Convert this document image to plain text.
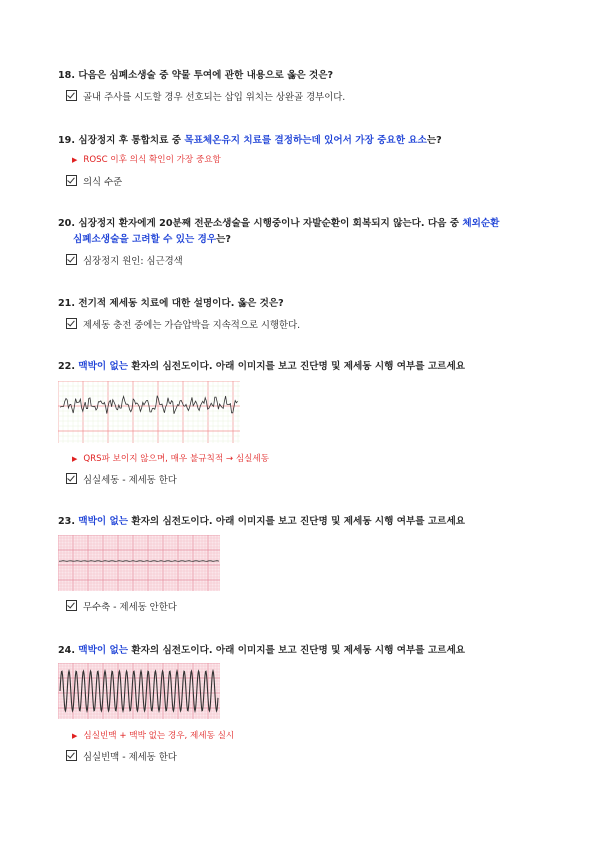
18. 다음은 심폐소생술 중 약물 투여에 관한 내용으로 옳은 것은?
골내 주사를 시도할 경우 선호되는 삽입 위치는 상완골 경부이다.
19. 심장정지 후 통합치료 중 목표체온유지 치료를 결정하는데 있어서 가장 중요한 요소는?
▶ ROSC 이후 의식 확인이 가장 중요함
의식 수준
20. 심장정지 환자에게 20분째 전문소생술을 시행중이나 자발순환이 회복되지 않는다. 다음 중 체외순환
심폐소생술을 고려할 수 있는 경우는?
심장정지 원인: 심근경색
21. 전기적 제세동 치료에 대한 설명이다. 옳은 것은?
제세동 충전 중에는 가슴압박을 지속적으로 시행한다.
22. 맥박이 없는 환자의 심전도이다. 아래 이미지를 보고 진단명 및 제세동 시행 여부를 고르세요
▶ QRS파 보이지 않으며, 매우 불규칙적 → 심실세동
심실세동 - 제세동 한다
23. 맥박이 없는 환자의 심전도이다. 아래 이미지를 보고 진단명 및 제세동 시행 여부를 고르세요
무수축 - 제세동 안한다
24. 맥박이 없는 환자의 심전도이다. 아래 이미지를 보고 진단명 및 제세동 시행 여부를 고르세요
▶ 심실빈맥 + 맥박 없는 경우, 제세동 실시
심실빈맥 - 제세동 한다
